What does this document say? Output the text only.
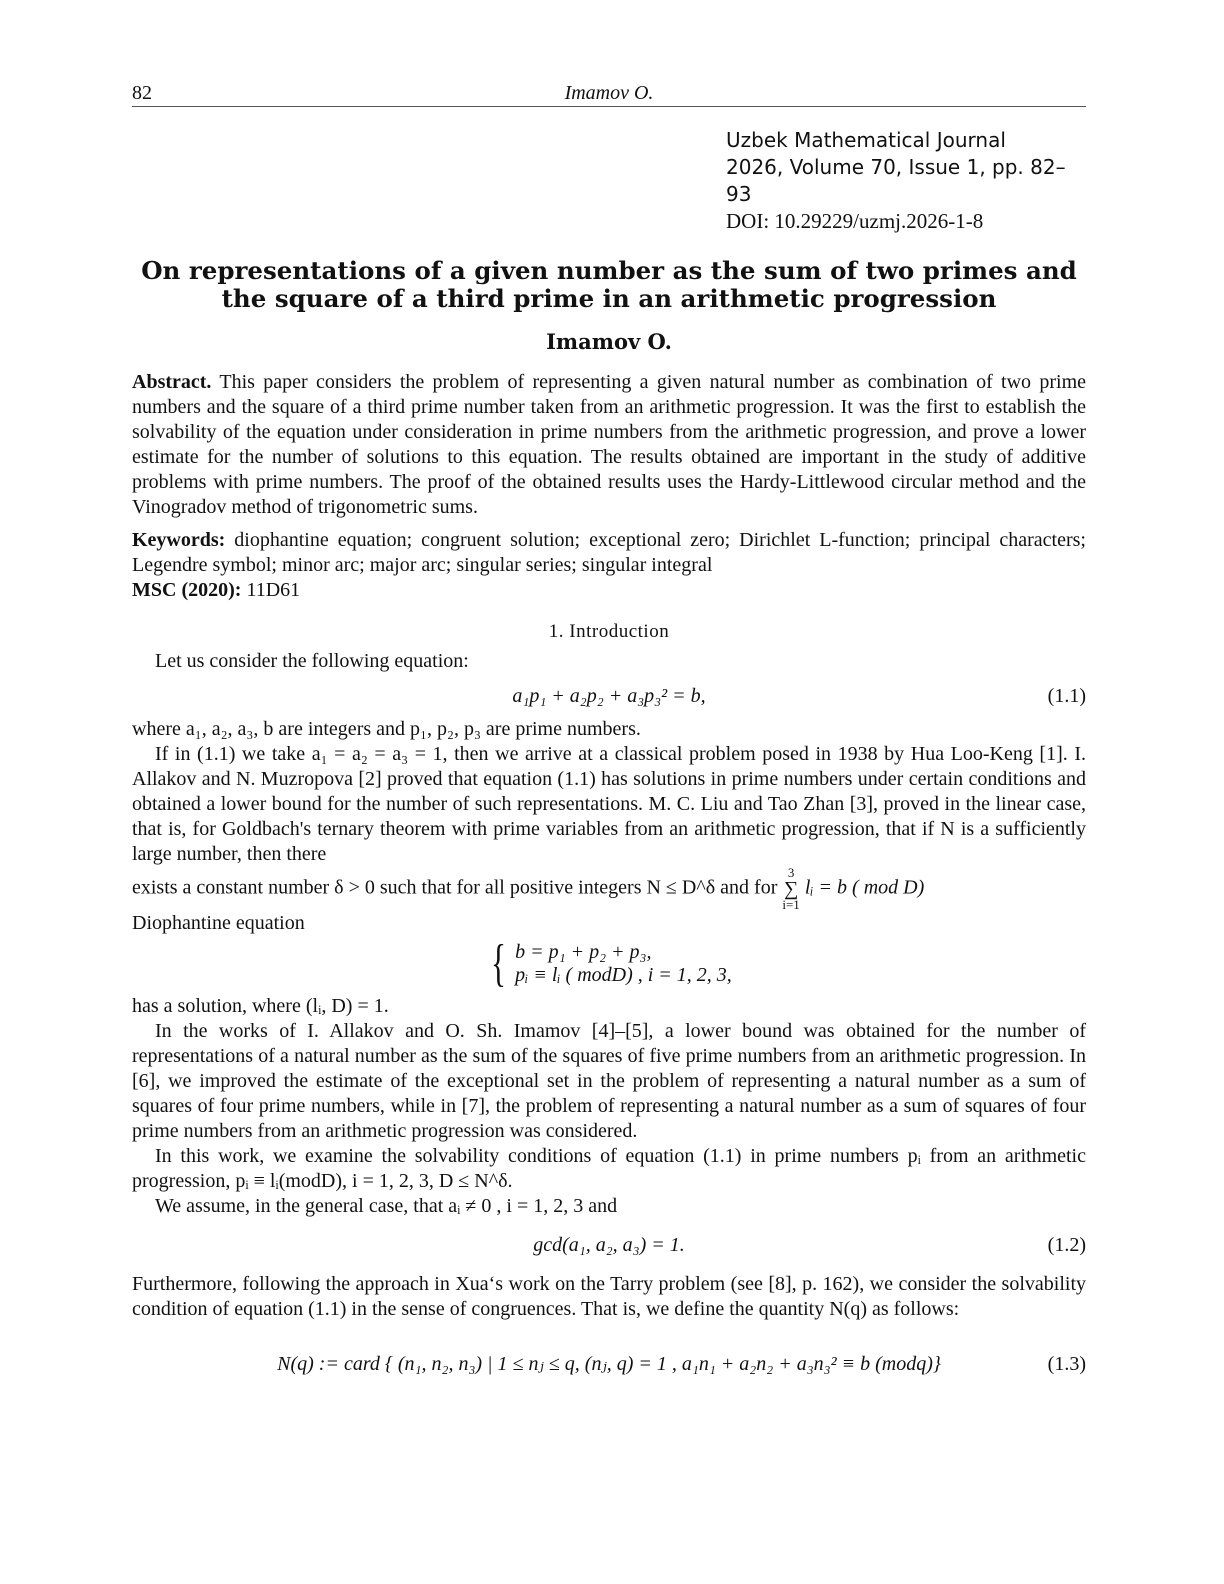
82	Imamov O.
Uzbek Mathematical Journal
2026, Volume 70, Issue 1, pp. 82–93
DOI: 10.29229/uzmj.2026-1-8
On representations of a given number as the sum of two primes and
the square of a third prime in an arithmetic progression
Imamov O.

Abstract. This paper considers the problem of representing a given natural number as combination of two prime numbers and the square of a third prime number taken from an arithmetic progression. It was the first to establish the solvability of the equation under consideration in prime numbers from the arithmetic progression, and prove a lower estimate for the number of solutions to this equation. The results obtained are important in the study of additive problems with prime numbers. The proof of the obtained results uses the Hardy-Littlewood circular method and the Vinogradov method of trigonometric sums.

Keywords: diophantine equation; congruent solution; exceptional zero; Dirichlet L-function; principal characters; Legendre symbol; minor arc; major arc; singular series; singular integral

MSC (2020): 11D61

1. Introduction

Let us consider the following equation:

a₁p₁ + a₂p₂ + a₃p₃² = b,	(1.1)

where a₁, a₂, a₃, b are integers and p₁, p₂, p₃ are prime numbers.

If in (1.1) we take a₁ = a₂ = a₃ = 1, then we arrive at a classical problem posed in 1938 by Hua Loo-Keng [1]. I. Allakov and N. Muzropova [2] proved that equation (1.1) has solutions in prime numbers under certain conditions and obtained a lower bound for the number of such representations. M. C. Liu and Tao Zhan [3], proved in the linear case, that is, for Goldbach's ternary theorem with prime variables from an arithmetic progression, that if N is a sufficiently large number, then there

exists a constant number δ > 0 such that for all positive integers N ≤ D^δ and for
3
∑
i=1
lᵢ = b ( mod D)

Diophantine equation

{ b = p₁ + p₂ + p₃,
pᵢ ≡ lᵢ ( modD) , i = 1, 2, 3,

has a solution, where (lᵢ, D) = 1.

In the works of I. Allakov and O. Sh. Imamov [4]–[5], a lower bound was obtained for the number of representations of a natural number as the sum of the squares of five prime numbers from an arithmetic progression. In [6], we improved the estimate of the exceptional set in the problem of representing a natural number as a sum of squares of four prime numbers, while in [7], the problem of representing a natural number as a sum of squares of four prime numbers from an arithmetic progression was considered.

In this work, we examine the solvability conditions of equation (1.1) in prime numbers pᵢ from an arithmetic progression, pᵢ ≡ lᵢ(modD), i = 1, 2, 3, D ≤ N^δ.

We assume, in the general case, that aᵢ ≠ 0 , i = 1, 2, 3 and

gcd(a₁, a₂, a₃) = 1.	(1.2)

Furthermore, following the approach in Xua‘s work on the Tarry problem (see [8], p. 162), we consider the solvability condition of equation (1.1) in the sense of congruences. That is, we define the quantity N(q) as follows:

N(q) := card { (n₁, n₂, n₃) | 1 ≤ nⱼ ≤ q, (nⱼ, q) = 1 , a₁n₁ + a₂n₂ + a₃n₃² ≡ b (modq)}	(1.3)
